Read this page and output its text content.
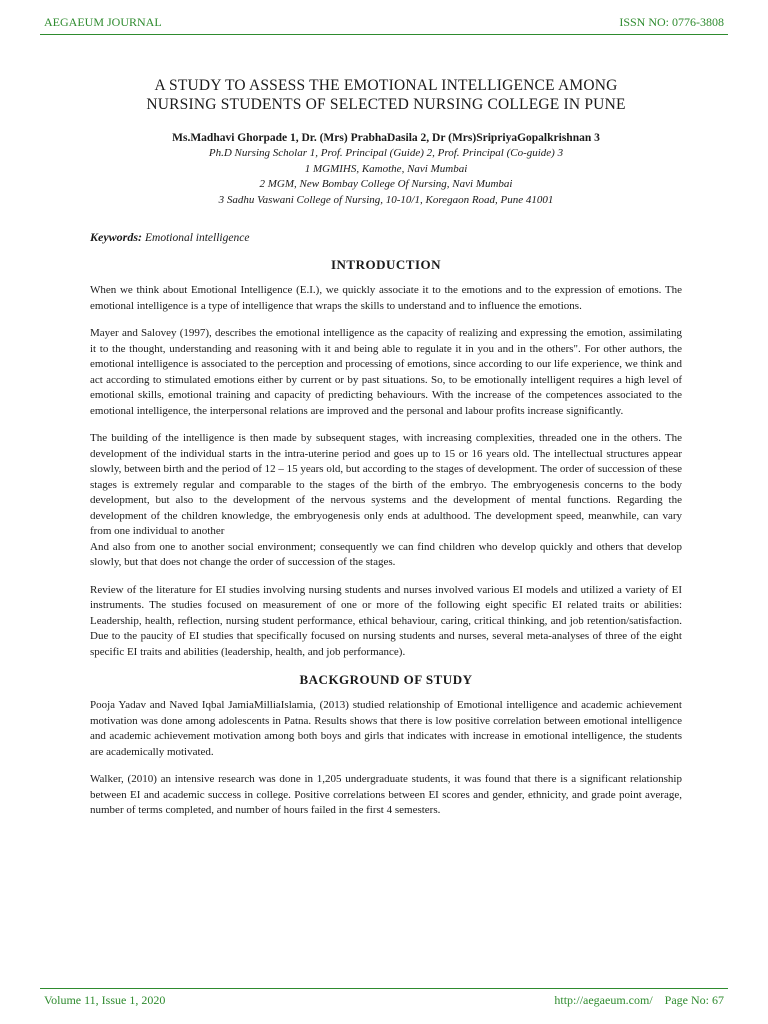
AEGAEUM JOURNAL	ISSN NO: 0776-3808
A STUDY TO ASSESS THE EMOTIONAL INTELLIGENCE AMONG
NURSING STUDENTS OF SELECTED NURSING COLLEGE IN PUNE
Ms.Madhavi Ghorpade 1, Dr. (Mrs) PrabhaDasila 2, Dr (Mrs)SripriyaGopalkrishnan 3
Ph.D Nursing Scholar 1, Prof. Principal (Guide) 2, Prof. Principal (Co-guide) 3
1 MGMIHS, Kamothe, Navi Mumbai
2 MGM, New Bombay College Of Nursing, Navi Mumbai
3 Sadhu Vaswani College of Nursing, 10-10/1, Koregaon Road, Pune 41001
Keywords: Emotional intelligence
INTRODUCTION

When we think about Emotional Intelligence (E.I.), we quickly associate it to the emotions and to the expression of emotions. The emotional intelligence is a type of intelligence that wraps the skills to understand and to influence the emotions.

Mayer and Salovey (1997), describes the emotional intelligence as the capacity of realizing and expressing the emotion, assimilating it to the thought, understanding and reasoning with it and being able to regulate it in you and in the others". For other authors, the emotional intelligence is associated to the perception and processing of emotions, since according to our life experience, we think and act according to stimulated emotions either by current or by past situations. So, to be emotionally intelligent requires a high level of emotional skills, emotional training and capacity of predicting behaviours. With the increase of the competences associated to the emotional intelligence, the interpersonal relations are improved and the personal and labour profits increase significantly.

The building of the intelligence is then made by subsequent stages, with increasing complexities, threaded one in the others. The development of the individual starts in the intra-uterine period and goes up to 15 or 16 years old. The intellectual structures appear slowly, between birth and the period of 12 – 15 years old, but according to the stages of development. The order of succession of these stages is extremely regular and comparable to the stages of the birth of the embryo. The embryogenesis concerns to the body development, but also to the development of the nervous systems and the development of mental functions. Regarding the development of the children knowledge, the embryogenesis only ends at adulthood. The development speed, meanwhile, can vary from one individual to another

And also from one to another social environment; consequently we can find children who develop quickly and others that develop slowly, but that does not change the order of succession of the stages.

Review of the literature for EI studies involving nursing students and nurses involved various EI models and utilized a variety of EI instruments. The studies focused on measurement of one or more of the following eight specific EI related traits or abilities: Leadership, health, reflection, nursing student performance, ethical behaviour, caring, critical thinking, and job retention/satisfaction. Due to the paucity of EI studies that specifically focused on nursing students and nurses, several meta-analyses of three of the eight specific EI traits and abilities (leadership, health, and job performance).

BACKGROUND OF STUDY

Pooja Yadav and Naved Iqbal JamiaMilliaIslamia, (2013) studied relationship of Emotional intelligence and academic achievement motivation was done among adolescents in Patna. Results shows that there is low positive correlation between emotional intelligence and academic achievement motivation among both boys and girls that indicates with increase in emotional intelligence, the students are academically motivated.

Walker, (2010) an intensive research was done in 1,205 undergraduate students, it was found that there is a significant relationship between EI and academic success in college. Positive correlations between EI scores and gender, ethnicity, and grade point average, number of terms completed, and number of hours failed in the first 4 semesters.

Volume 11, Issue 1, 2020	http://aegaeum.com/    Page No: 67
